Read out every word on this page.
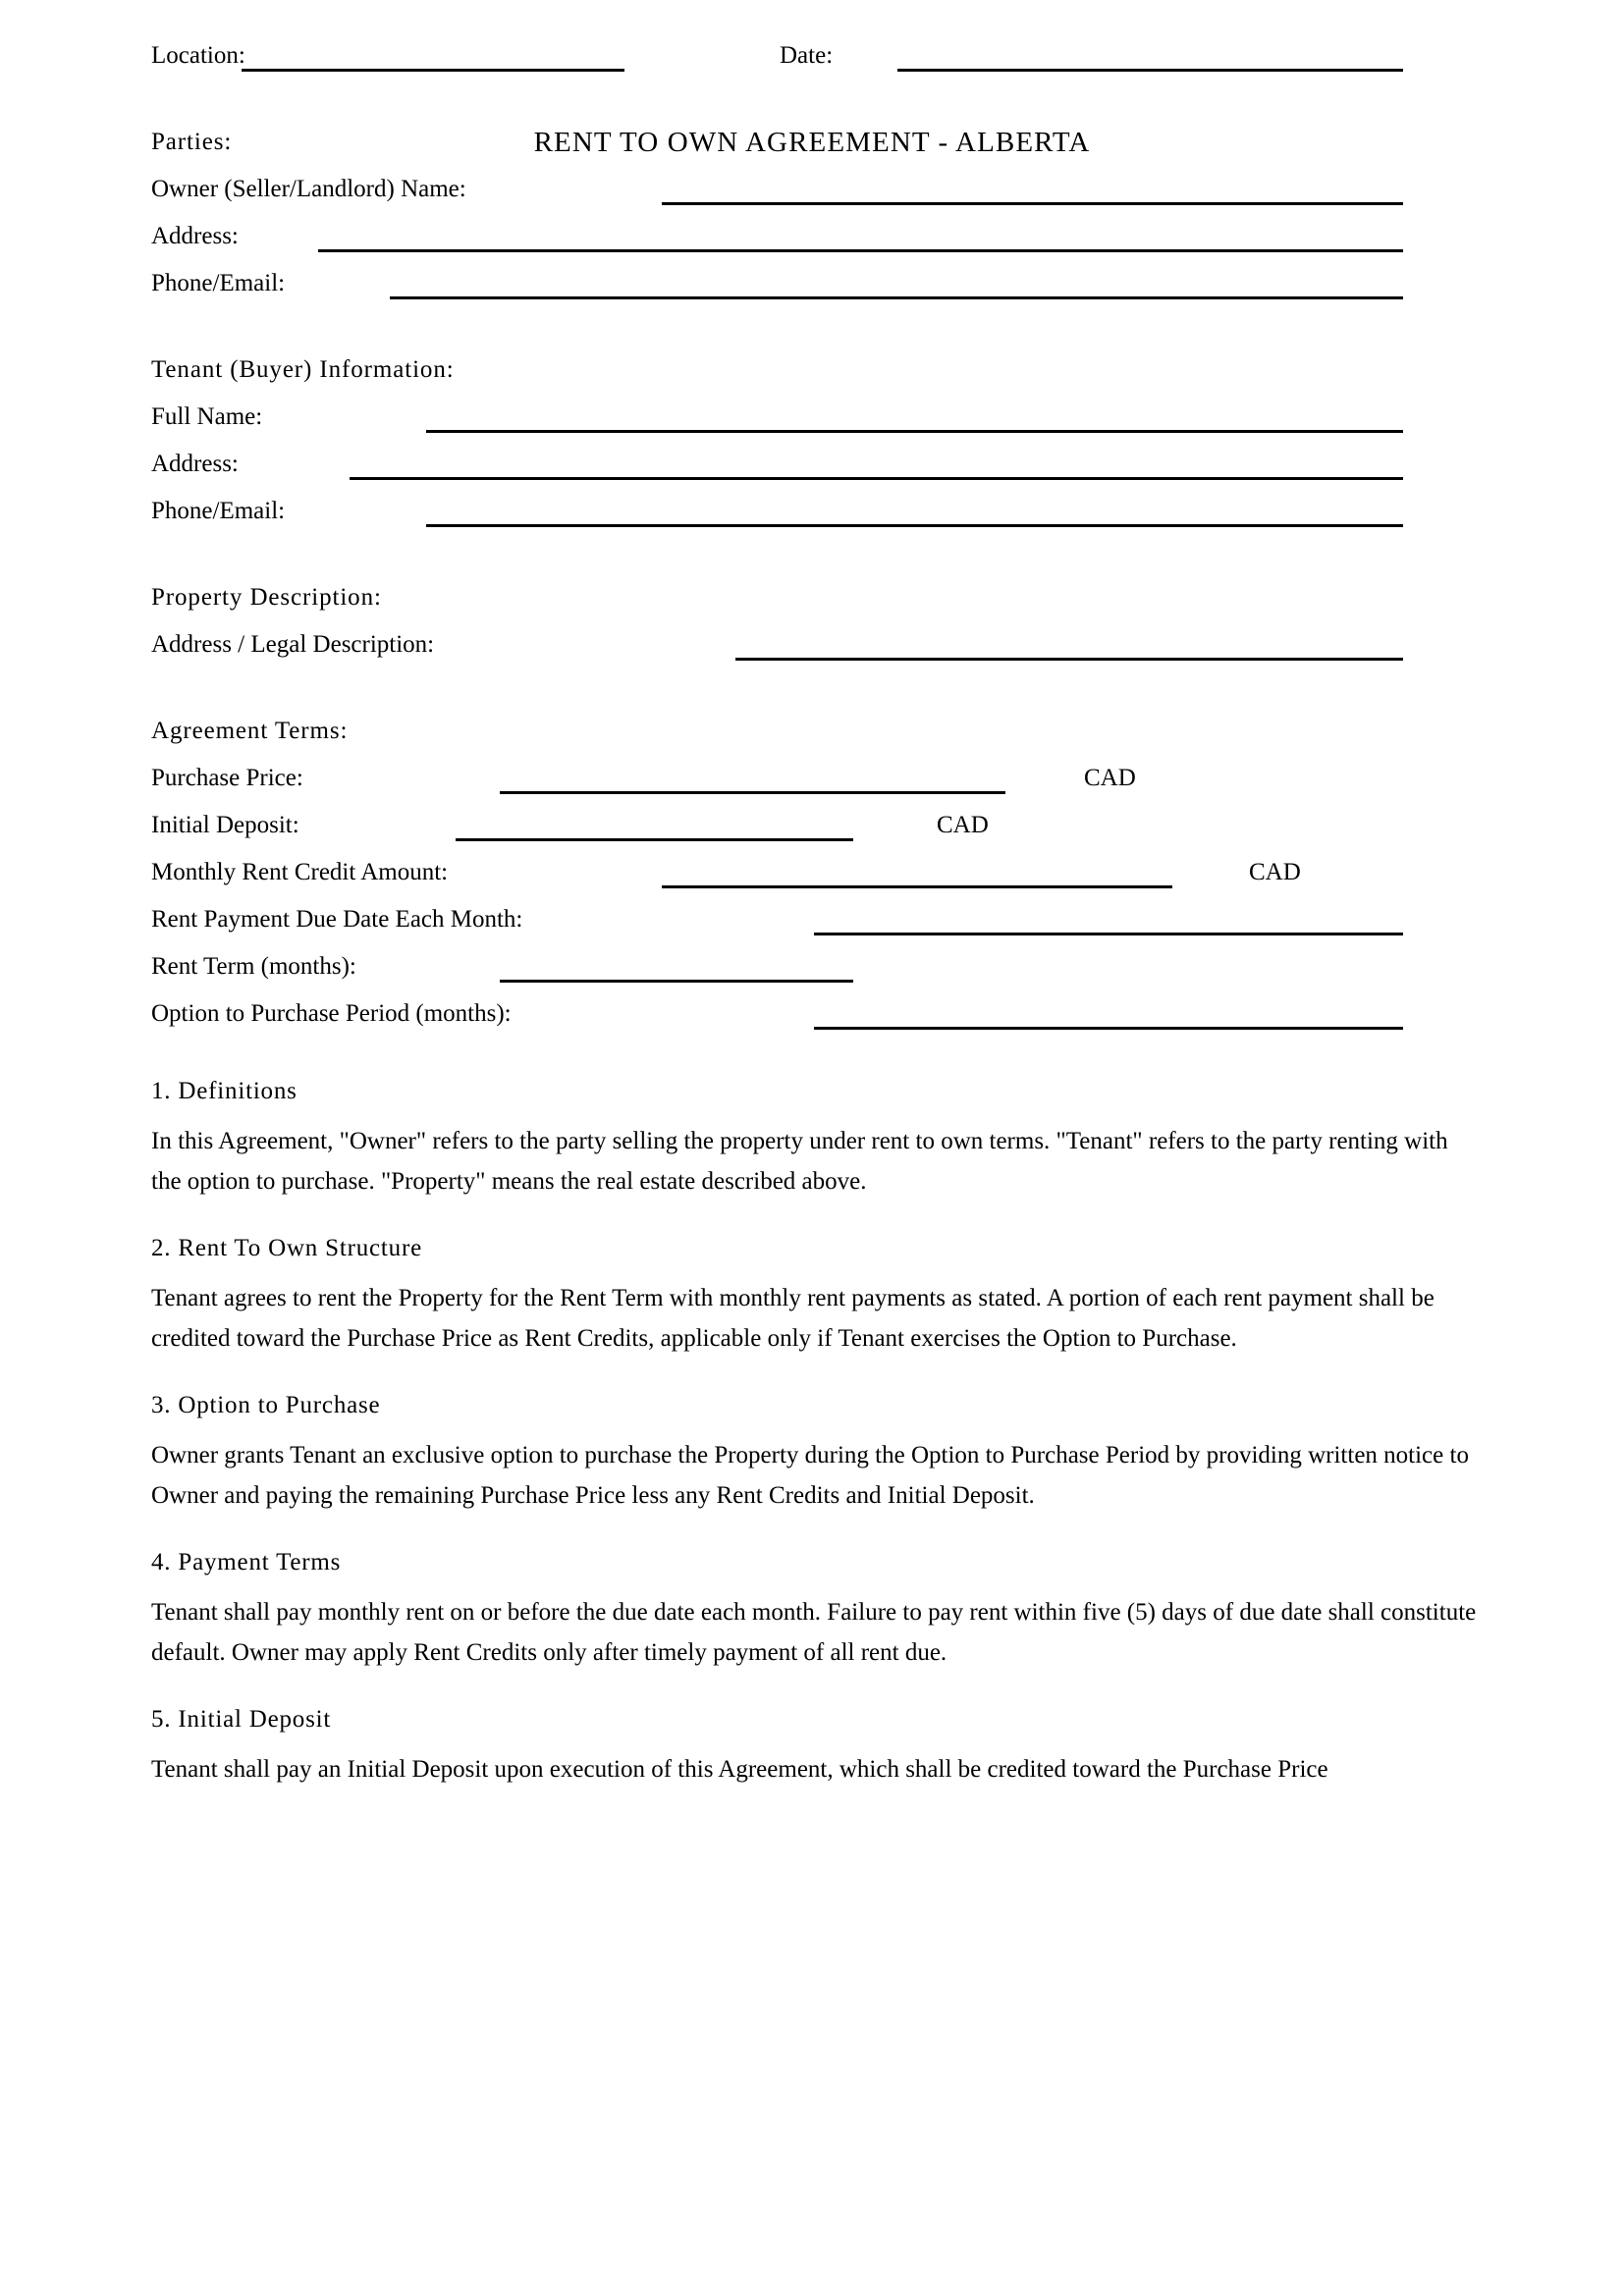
RENT TO OWN AGREEMENT - ALBERTA
Location:	Date:
Parties:
Owner (Seller/Landlord) Name:
Address:
Phone/Email:
Tenant (Buyer) Information:
Full Name:
Address:
Phone/Email:
Property Description:
Address / Legal Description:
Agreement Terms:
Purchase Price:	CAD
Initial Deposit:	CAD
Monthly Rent Credit Amount:	CAD
Rent Payment Due Date Each Month:
Rent Term (months):
Option to Purchase Period (months):
1. Definitions

In this Agreement, "Owner" refers to the party selling the property under rent to own terms. "Tenant" refers to the party renting with the option to purchase. "Property" means the real estate described above.

2. Rent To Own Structure

Tenant agrees to rent the Property for the Rent Term with monthly rent payments as stated. A portion of each rent payment shall be credited toward the Purchase Price as Rent Credits, applicable only if Tenant exercises the Option to Purchase.

3. Option to Purchase

Owner grants Tenant an exclusive option to purchase the Property during the Option to Purchase Period by providing written notice to Owner and paying the remaining Purchase Price less any Rent Credits and Initial Deposit.

4. Payment Terms

Tenant shall pay monthly rent on or before the due date each month. Failure to pay rent within five (5) days of due date shall constitute default. Owner may apply Rent Credits only after timely payment of all rent due.

5. Initial Deposit

Tenant shall pay an Initial Deposit upon execution of this Agreement, which shall be credited toward the Purchase Price
